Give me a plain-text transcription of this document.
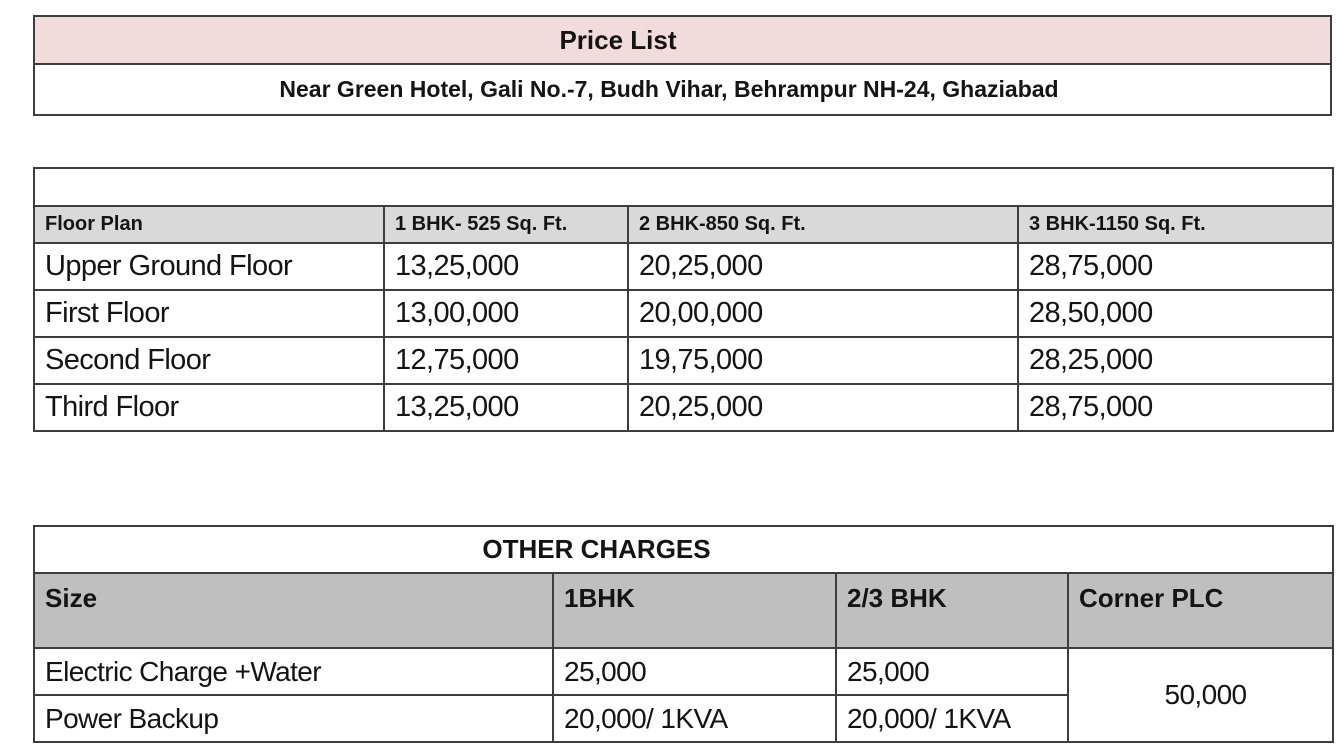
Price List
Near Green Hotel, Gali No.-7, Budh Vihar, Behrampur NH-24, Ghaziabad

Floor Plan	1 BHK- 525 Sq. Ft.	2 BHK-850 Sq. Ft.	3 BHK-1150 Sq. Ft.
Upper Ground Floor	13,25,000	20,25,000	28,75,000
First Floor	13,00,000	20,00,000	28,50,000
Second Floor	12,75,000	19,75,000	28,25,000
Third Floor	13,25,000	20,25,000	28,75,000
OTHER CHARGES			
Size	1BHK	2/3 BHK	Corner PLC
Electric Charge +Water	25,000	25,000	50,000
Power Backup	20,000/ 1KVA	20,000/ 1KVA	
